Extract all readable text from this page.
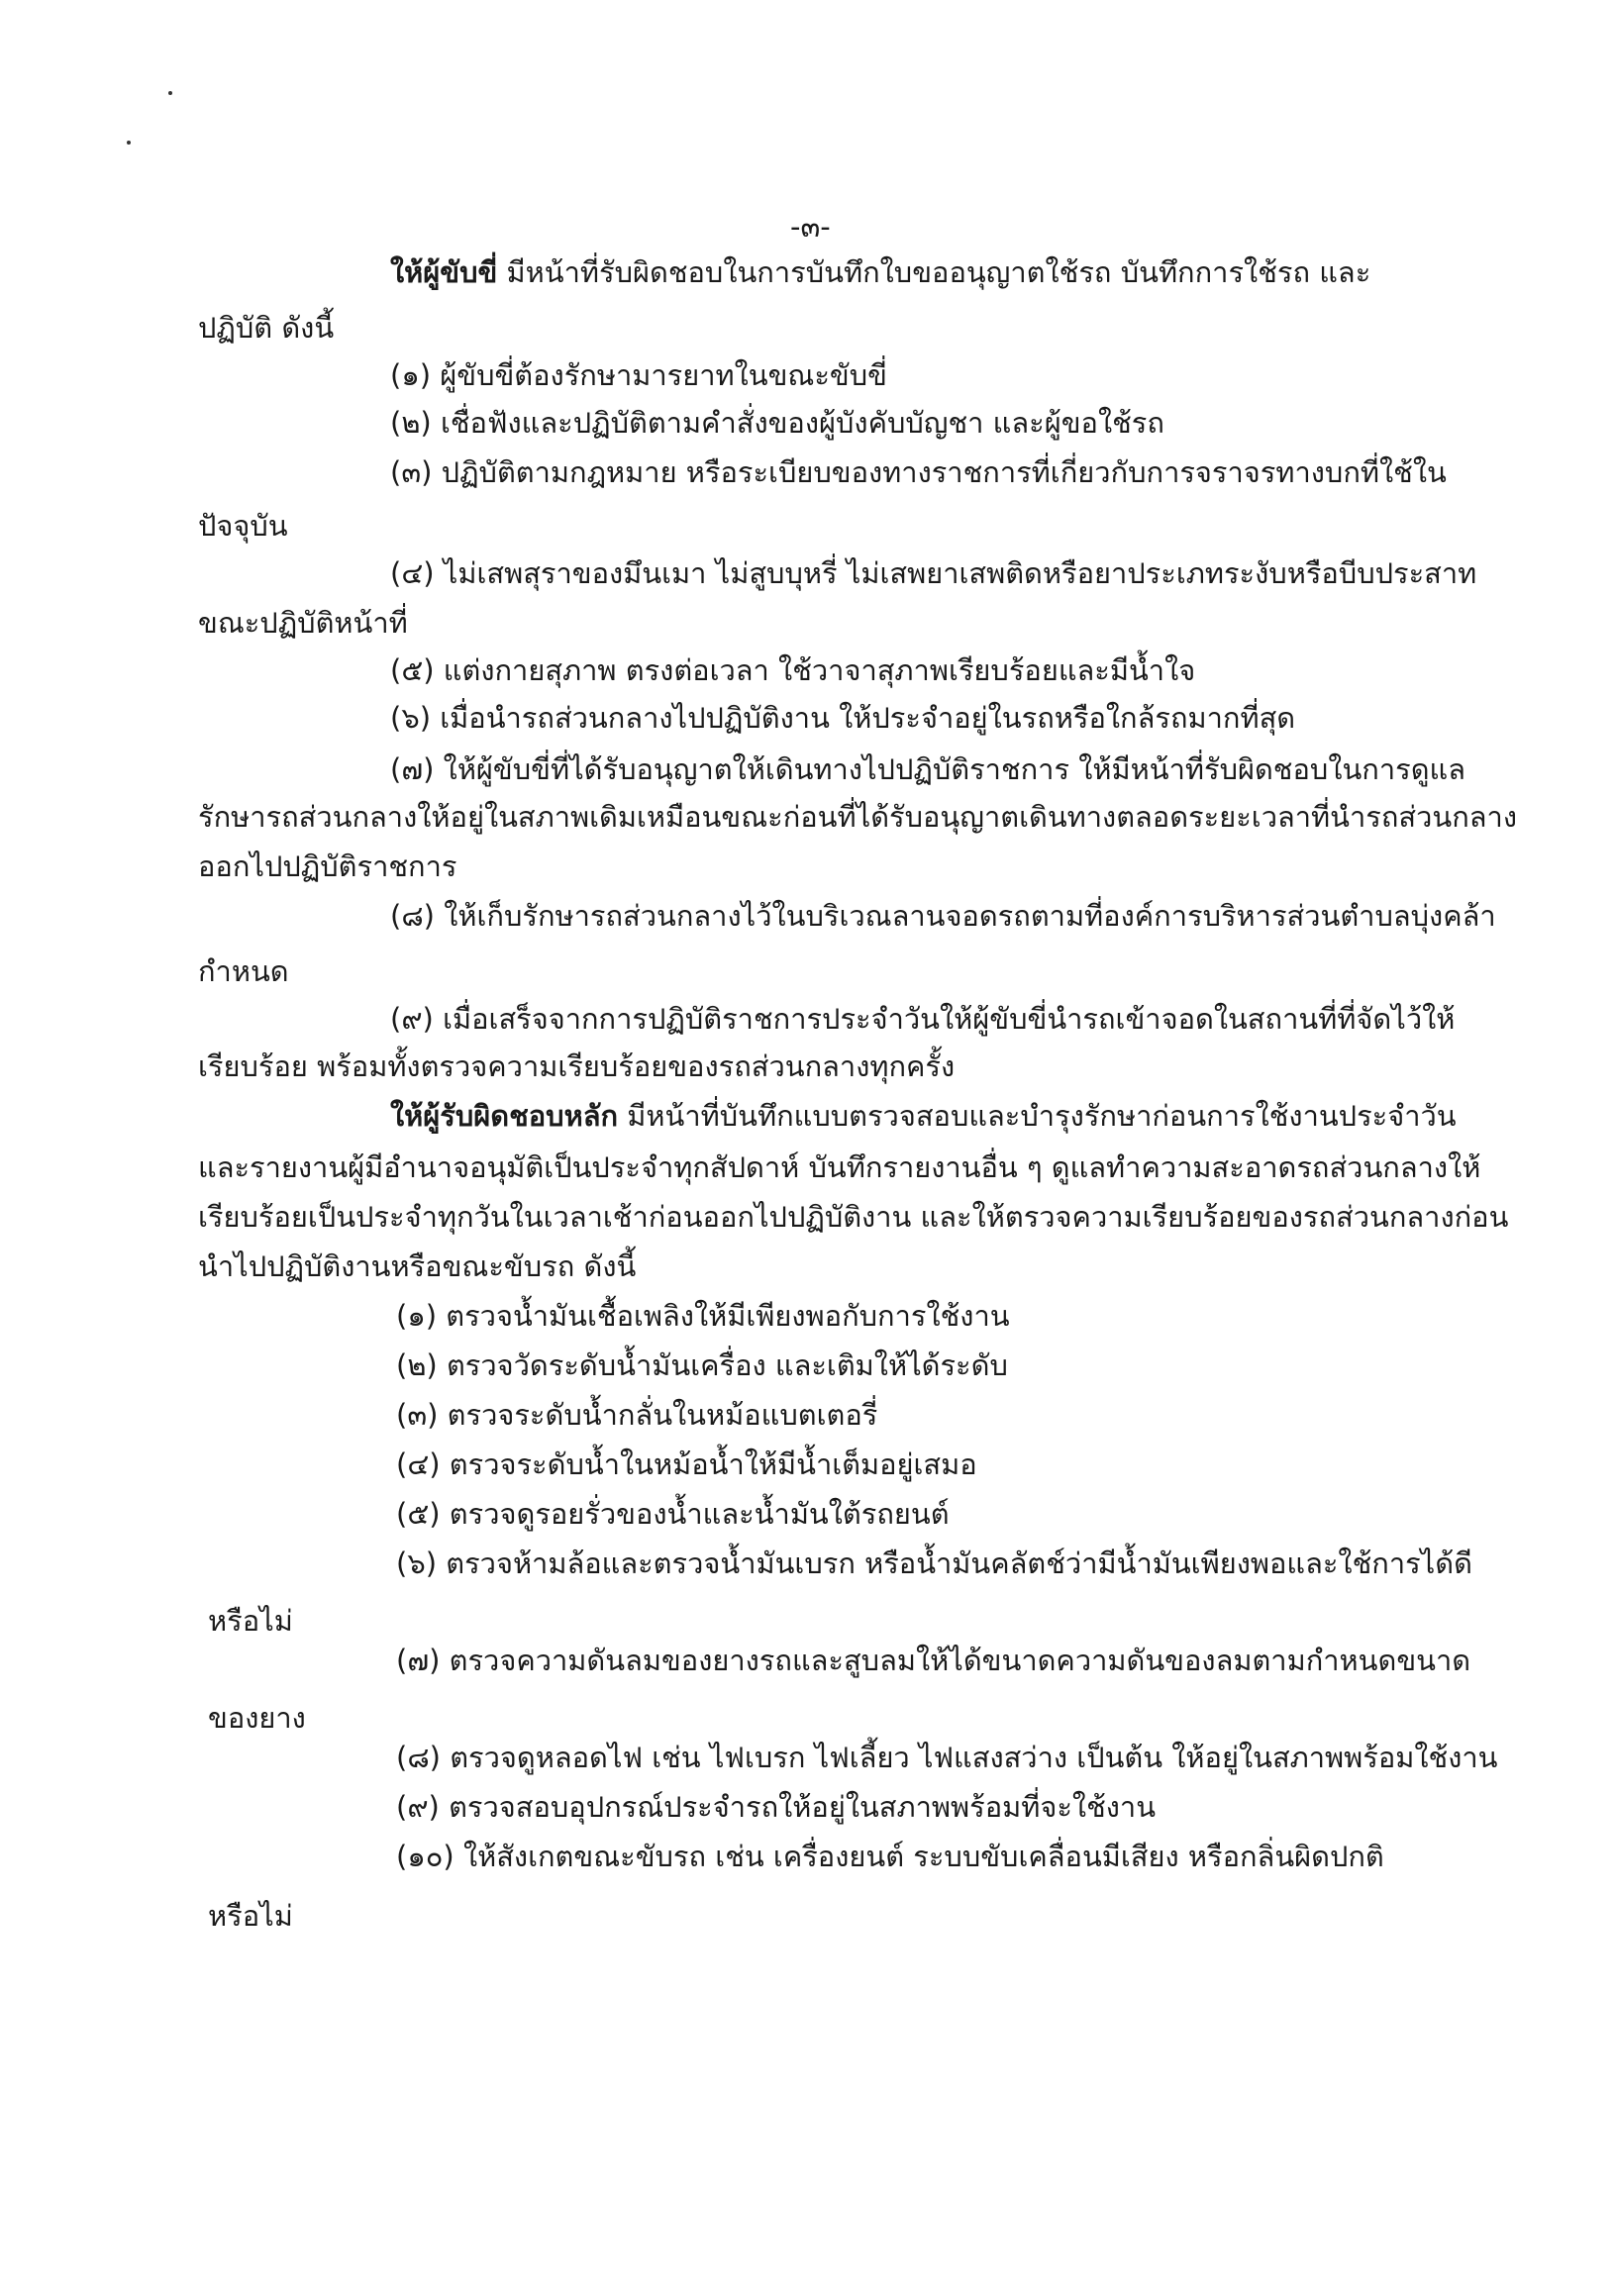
-๓-
ให้ผู้ขับขี่ มีหน้าที่รับผิดชอบในการบันทึกใบขออนุญาตใช้รถ บันทึกการใช้รถ และ
ปฏิบัติ ดังนี้
(๑) ผู้ขับขี่ต้องรักษามารยาทในขณะขับขี่
(๒) เชื่อฟังและปฏิบัติตามคำสั่งของผู้บังคับบัญชา และผู้ขอใช้รถ
(๓) ปฏิบัติตามกฎหมาย หรือระเบียบของทางราชการที่เกี่ยวกับการจราจรทางบกที่ใช้ใน
ปัจจุบัน
(๔) ไม่เสพสุราของมึนเมา ไม่สูบบุหรี่ ไม่เสพยาเสพติดหรือยาประเภทระงับหรือบีบประสาท
ขณะปฏิบัติหน้าที่
(๕) แต่งกายสุภาพ ตรงต่อเวลา ใช้วาจาสุภาพเรียบร้อยและมีน้ำใจ
(๖) เมื่อนำรถส่วนกลางไปปฏิบัติงาน ให้ประจำอยู่ในรถหรือใกล้รถมากที่สุด
(๗) ให้ผู้ขับขี่ที่ได้รับอนุญาตให้เดินทางไปปฏิบัติราชการ ให้มีหน้าที่รับผิดชอบในการดูแล
รักษารถส่วนกลางให้อยู่ในสภาพเดิมเหมือนขณะก่อนที่ได้รับอนุญาตเดินทางตลอดระยะเวลาที่นำรถส่วนกลาง
ออกไปปฏิบัติราชการ
(๘) ให้เก็บรักษารถส่วนกลางไว้ในบริเวณลานจอดรถตามที่องค์การบริหารส่วนตำบลบุ่งคล้า
กำหนด
(๙) เมื่อเสร็จจากการปฏิบัติราชการประจำวันให้ผู้ขับขี่นำรถเข้าจอดในสถานที่ที่จัดไว้ให้
เรียบร้อย พร้อมทั้งตรวจความเรียบร้อยของรถส่วนกลางทุกครั้ง
ให้ผู้รับผิดชอบหลัก มีหน้าที่บันทึกแบบตรวจสอบและบำรุงรักษาก่อนการใช้งานประจำวัน
และรายงานผู้มีอำนาจอนุมัติเป็นประจำทุกสัปดาห์ บันทึกรายงานอื่น ๆ ดูแลทำความสะอาดรถส่วนกลางให้
เรียบร้อยเป็นประจำทุกวันในเวลาเช้าก่อนออกไปปฏิบัติงาน และให้ตรวจความเรียบร้อยของรถส่วนกลางก่อน
นำไปปฏิบัติงานหรือขณะขับรถ ดังนี้
(๑) ตรวจน้ำมันเชื้อเพลิงให้มีเพียงพอกับการใช้งาน
(๒) ตรวจวัดระดับน้ำมันเครื่อง และเติมให้ได้ระดับ
(๓) ตรวจระดับน้ำกลั่นในหม้อแบตเตอรี่
(๔) ตรวจระดับน้ำในหม้อน้ำให้มีน้ำเต็มอยู่เสมอ
(๕) ตรวจดูรอยรั่วของน้ำและน้ำมันใต้รถยนต์
(๖) ตรวจห้ามล้อและตรวจน้ำมันเบรก หรือน้ำมันคลัตช์ว่ามีน้ำมันเพียงพอและใช้การได้ดี
หรือไม่
(๗) ตรวจความดันลมของยางรถและสูบลมให้ได้ขนาดความดันของลมตามกำหนดขนาด
ของยาง
(๘) ตรวจดูหลอดไฟ เช่น ไฟเบรก ไฟเลี้ยว ไฟแสงสว่าง เป็นต้น ให้อยู่ในสภาพพร้อมใช้งาน
(๙) ตรวจสอบอุปกรณ์ประจำรถให้อยู่ในสภาพพร้อมที่จะใช้งาน
(๑๐) ให้สังเกตขณะขับรถ เช่น เครื่องยนต์ ระบบขับเคลื่อนมีเสียง หรือกลิ่นผิดปกติ
หรือไม่
